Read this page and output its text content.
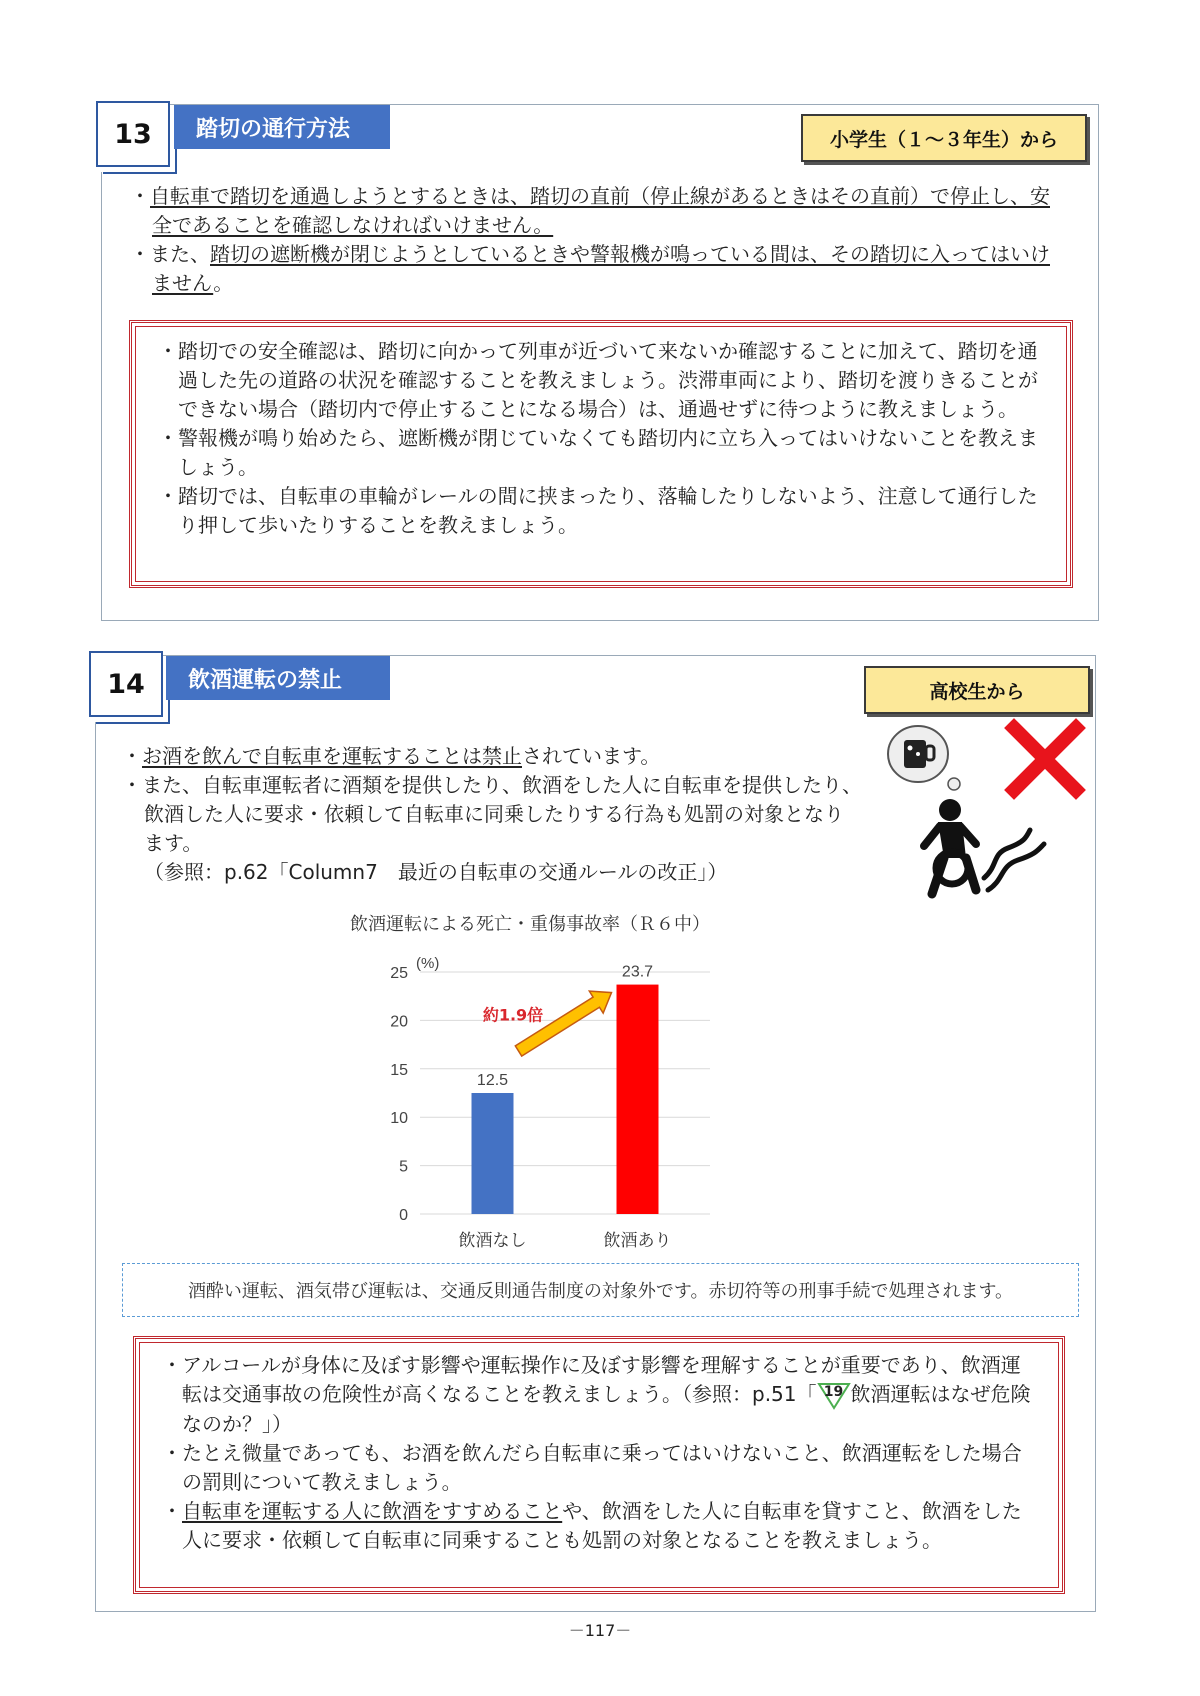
13	踏切の通行方法	小学生（１～３年生）から

・自転車で踏切を通過しようとするときは、踏切の直前（停止線があるときはその直前）で停止し、安全であることを確認しなければいけません。

・また、踏切の遮断機が閉じようとしているときや警報機が鳴っている間は、その踏切に入ってはいけません。

・踏切での安全確認は、踏切に向かって列車が近づいて来ないか確認することに加えて、踏切を通過した先の道路の状況を確認することを教えましょう。渋滞車両により、踏切を渡りきることができない場合（踏切内で停止することになる場合）は、通過せずに待つように教えましょう。

・警報機が鳴り始めたら、遮断機が閉じていなくても踏切内に立ち入ってはいけないことを教えましょう。

・踏切では、自転車の車輪がレールの間に挟まったり、落輪したりしないよう、注意して通行したり押して歩いたりすることを教えましょう。

14	飲酒運転の禁止	高校生から

・お酒を飲んで自転車を運転することは禁止されています。

・また、自転車運転者に酒類を提供したり、飲酒をした人に自転車を提供したり、飲酒した人に要求・依頼して自転車に同乗したりする行為も処罰の対象となります。

（参照：p.62「Column7　最近の自転車の交通ルールの改正」）

飲酒運転による死亡・重傷事故率（Ｒ６中）
0
5
10
15
20
25
(%)
12.5
飲酒なし
23.7
飲酒あり
約1.9倍
酒酔い運転、酒気帯び運転は、交通反則通告制度の対象外です。赤切符等の刑事手続で処理されます。

・アルコールが身体に及ぼす影響や運転操作に及ぼす影響を理解することが重要であり、飲酒運転は交通事故の危険性が高くなることを教えましょう。（参照：p.51「 19 飲酒運転はなぜ危険なのか？」）

・たとえ微量であっても、お酒を飲んだら自転車に乗ってはいけないこと、飲酒運転をした場合の罰則について教えましょう。

・自転車を運転する人に飲酒をすすめることや、飲酒をした人に自転車を貸すこと、飲酒をした人に要求・依頼して自転車に同乗することも処罰の対象となることを教えましょう。

－117－
